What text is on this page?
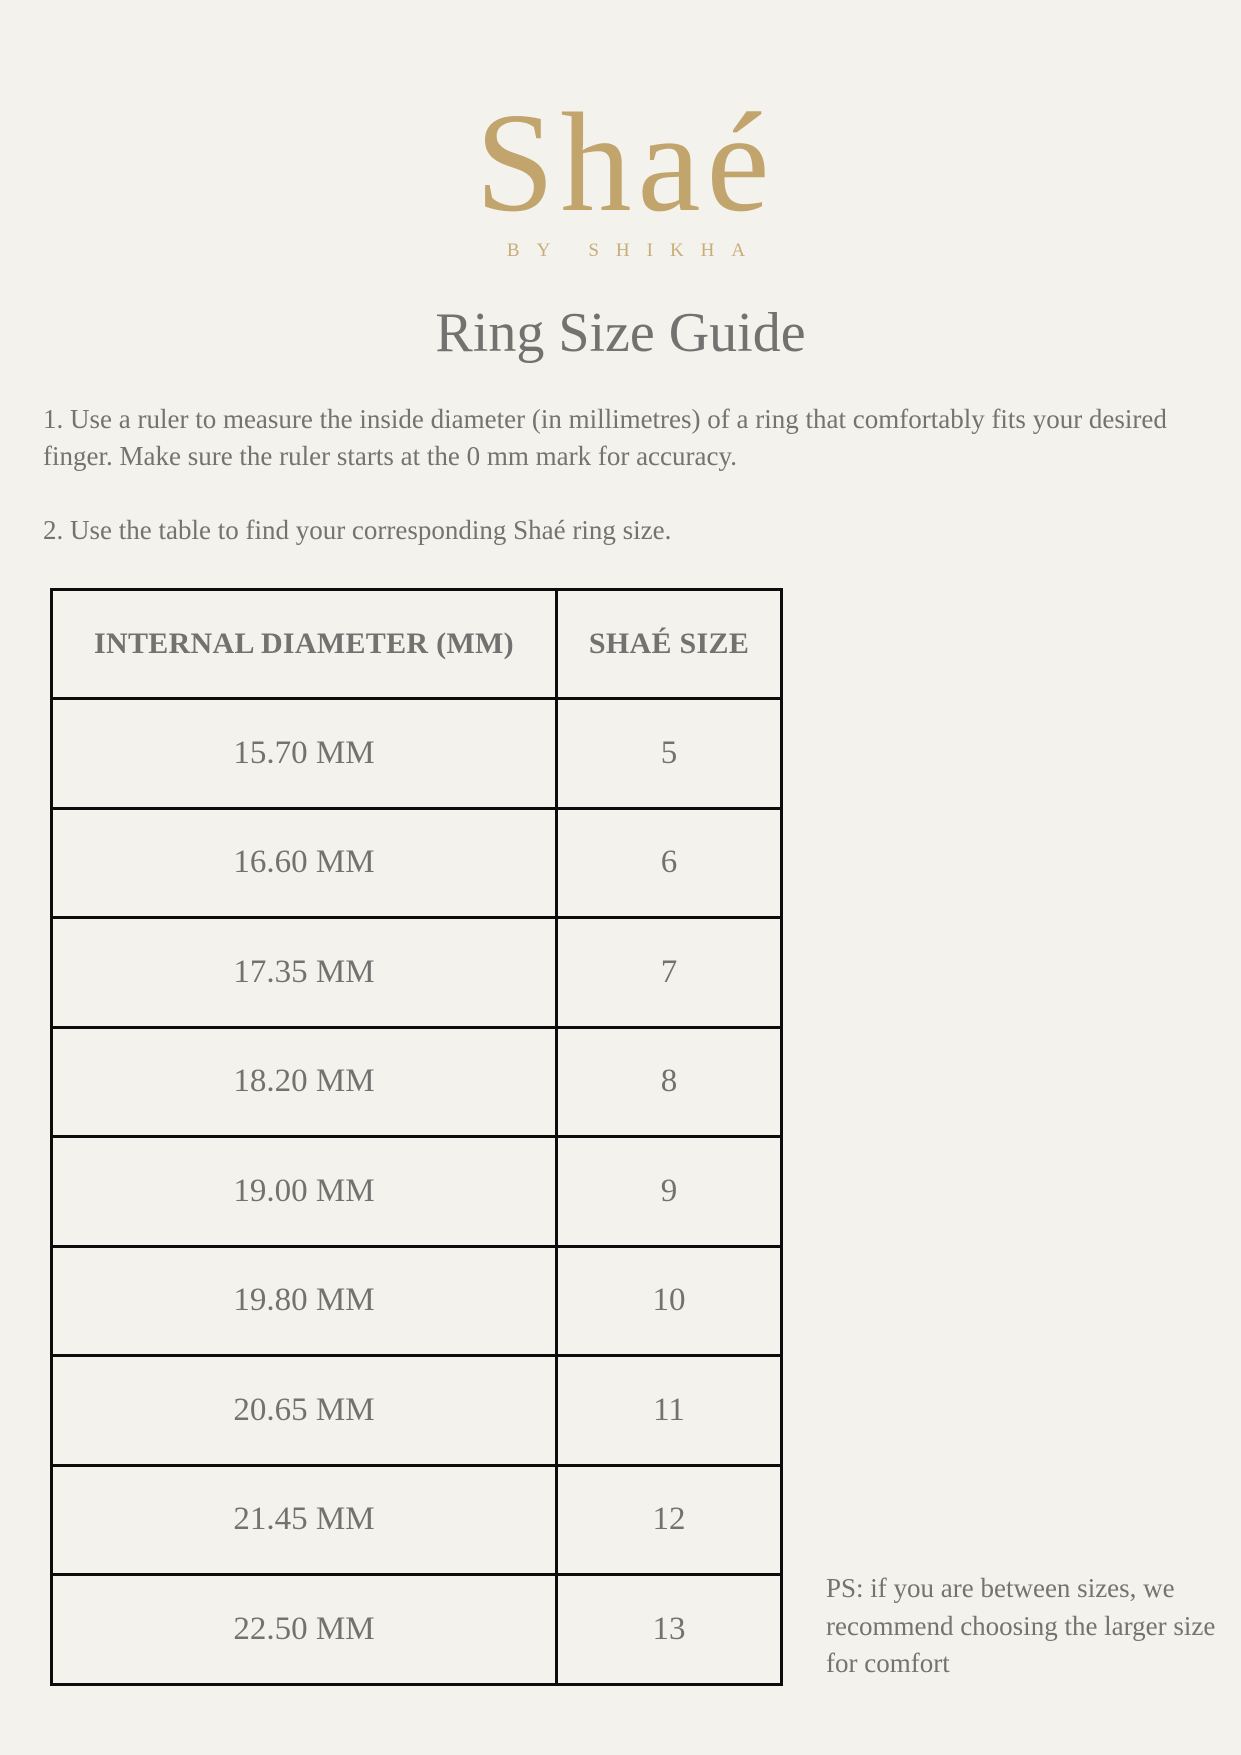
Shaé
BY SHIKHA
Ring Size Guide

1. Use a ruler to measure the inside diameter (in millimetres) of a ring that comfortably fits your desired finger. Make sure the ruler starts at the 0 mm mark for accuracy.

2. Use the table to find your corresponding Shaé ring size.

INTERNAL DIAMETER (MM)	SHAÉ SIZE
15.70 MM	5
16.60 MM	6
17.35 MM	7
18.20 MM	8
19.00 MM	9
19.80 MM	10
20.65 MM	11
21.45 MM	12
22.50 MM	13
PS: if you are between sizes, we recommend choosing the larger size for comfort
